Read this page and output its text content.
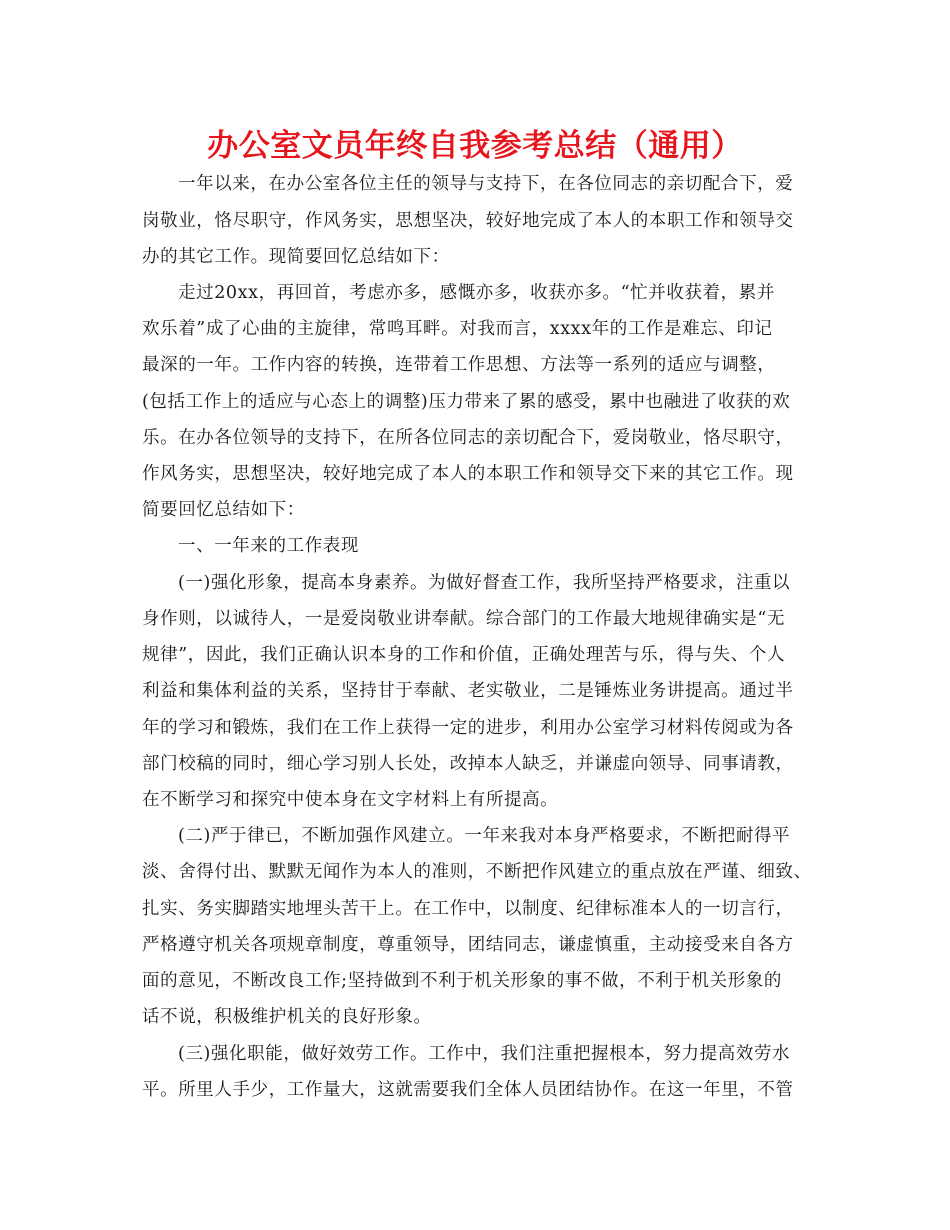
办公室文员年终自我参考总结（通用）
一年以来，在办公室各位主任的领导与支持下，在各位同志的亲切配合下，爱
岗敬业，恪尽职守，作风务实，思想坚决，较好地完成了本人的本职工作和领导交
办的其它工作。现简要回忆总结如下：
走过20xx，再回首，考虑亦多，感慨亦多，收获亦多。“忙并收获着，累并
欢乐着”成了心曲的主旋律，常鸣耳畔。对我而言，xxxx年的工作是难忘、印记
最深的一年。工作内容的转换，连带着工作思想、方法等一系列的适应与调整，
(包括工作上的适应与心态上的调整)压力带来了累的感受，累中也融进了收获的欢
乐。在办各位领导的支持下，在所各位同志的亲切配合下，爱岗敬业，恪尽职守，
作风务实，思想坚决，较好地完成了本人的本职工作和领导交下来的其它工作。现
简要回忆总结如下：
一、一年来的工作表现
(一)强化形象，提高本身素养。为做好督查工作，我所坚持严格要求，注重以
身作则，以诚待人，一是爱岗敬业讲奉献。综合部门的工作最大地规律确实是“无
规律”，因此，我们正确认识本身的工作和价值，正确处理苦与乐，得与失、个人
利益和集体利益的关系，坚持甘于奉献、老实敬业，二是锤炼业务讲提高。通过半
年的学习和锻炼，我们在工作上获得一定的进步，利用办公室学习材料传阅或为各
部门校稿的同时，细心学习别人长处，改掉本人缺乏，并谦虚向领导、同事请教，
在不断学习和探究中使本身在文字材料上有所提高。
(二)严于律已，不断加强作风建立。一年来我对本身严格要求，不断把耐得平
淡、舍得付出、默默无闻作为本人的准则，不断把作风建立的重点放在严谨、细致、
扎实、务实脚踏实地埋头苦干上。在工作中，以制度、纪律标准本人的一切言行，
严格遵守机关各项规章制度，尊重领导，团结同志，谦虚慎重，主动接受来自各方
面的意见，不断改良工作;坚持做到不利于机关形象的事不做，不利于机关形象的
话不说，积极维护机关的良好形象。
(三)强化职能，做好效劳工作。工作中，我们注重把握根本，努力提高效劳水
平。所里人手少，工作量大，这就需要我们全体人员团结协作。在这一年里，不管
